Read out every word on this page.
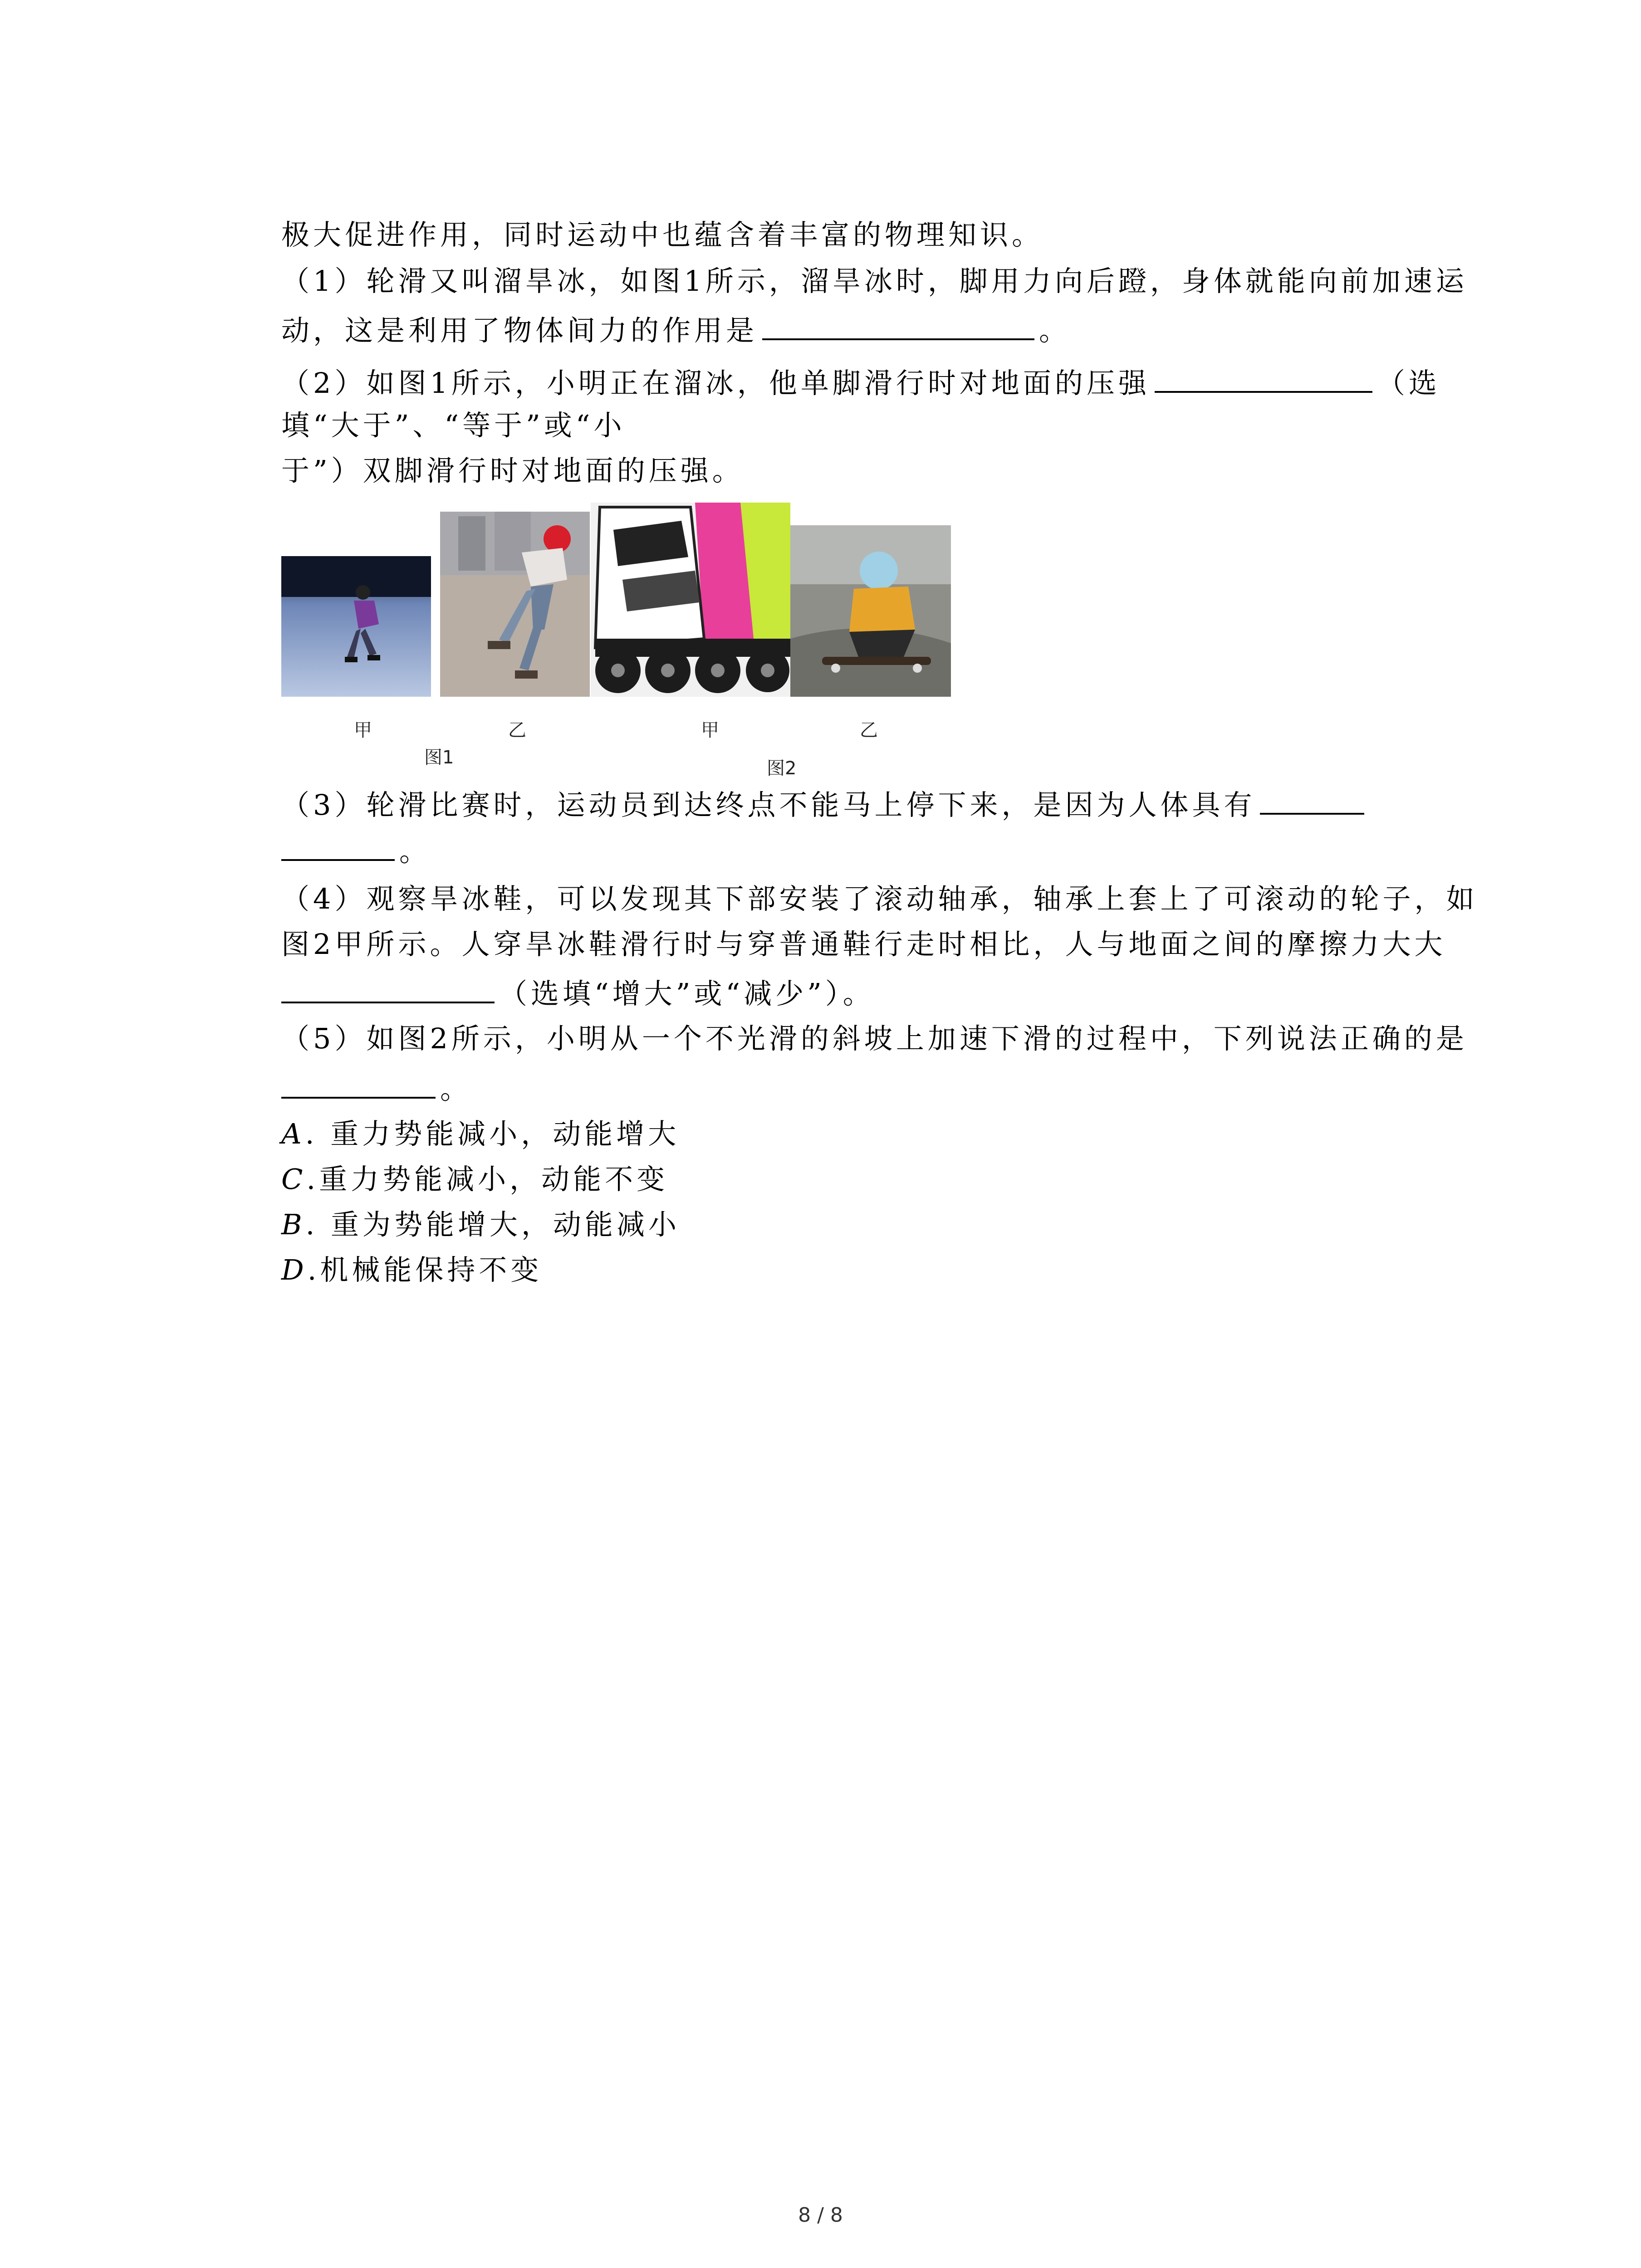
极大促进作用，同时运动中也蕴含着丰富的物理知识。
（1）轮滑又叫溜旱冰，如图1所示，溜旱冰时，脚用力向后蹬，身体就能向前加速运
动，这是利用了物体间力的作用是	。
（2）如图1所示，小明正在溜冰，他单脚滑行时对地面的压强	（选
填“大于”、“等于”或“小
于”）双脚滑行时对地面的压强。
甲	乙
图1
甲	乙
图2
（3）轮滑比赛时，运动员到达终点不能马上停下来，是因为人体具有
。
（4）观察旱冰鞋，可以发现其下部安装了滚动轴承，轴承上套上了可滚动的轮子，如
图2甲所示。人穿旱冰鞋滑行时与穿普通鞋行走时相比，人与地面之间的摩擦力大大
（选填“增大”或“减少”）。
（5）如图2所示，小明从一个不光滑的斜坡上加速下滑的过程中，下列说法正确的是
。
A. 重力势能减小，动能增大
C.重力势能减小，动能不变
B. 重为势能增大，动能减小
D.机械能保持不变
8 / 8
